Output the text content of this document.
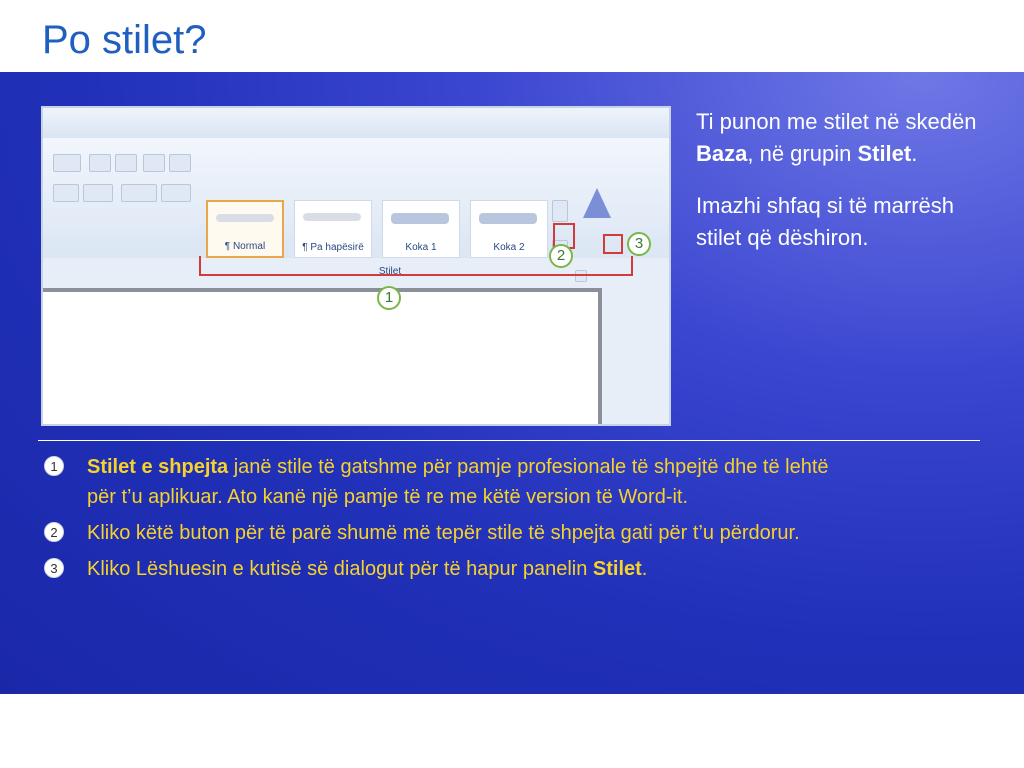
Po stilet?
¶ Normal	¶ Pa hapësirë	Koka 1	Koka 2
Stilet
1
2
3

Ti punon me stilet në skedën Baza, në grupin Stilet.

Imazhi shfaq si të marrësh stilet që dëshiron.

1	Stilet e shpejta janë stile të gatshme për pamje profesionale të shpejtë dhe të lehtë për t’u aplikuar. Ato kanë një pamje të re me këtë version të Word-it.
2	Kliko këtë buton për të parë shumë më tepër stile të shpejta gati për t’u përdorur.
3	Kliko Lëshuesin e kutisë së dialogut për të hapur panelin Stilet.
